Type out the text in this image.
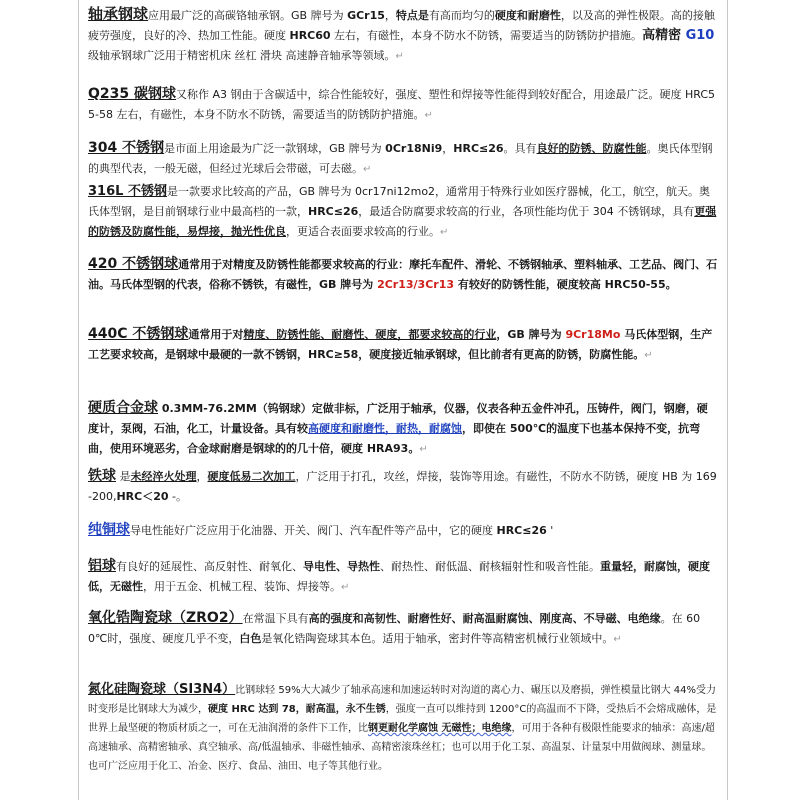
轴承钢球应用最广泛的高碳铬轴承钢。GB 牌号为 GCr15，特点是有高而均匀的硬度和耐磨性，以及高的弹性极限。高的接触疲劳强度，良好的冷、热加工性能。硬度 HRC60 左右，有磁性，本身不防水不防锈，需要适当的防锈防护措施。高精密 G10 级轴承钢球广泛用于精密机床 丝杠 滑块 高速静音轴承等领域。↵
Q235 碳钢球又称作 A3 钢由于含碳适中，综合性能较好，强度、塑性和焊接等性能得到较好配合，用途最广泛。硬度 HRC55-58 左右，有磁性，本身不防水不防锈，需要适当的防锈防护措施。↵
304 不锈钢是市面上用途最为广泛一款钢球，GB 牌号为 0Cr18Ni9，HRC≤26。具有良好的防锈、防腐性能。奥氏体型钢的典型代表，一般无磁，但经过光球后会带磁，可去磁。↵
316L 不锈钢是一款要求比较高的产品，GB 牌号为 0cr17ni12mo2，通常用于特殊行业如医疗器械，化工，航空，航天。奥氏体型钢，是目前钢球行业中最高档的一款，HRC≤26，最适合防腐要求较高的行业，各项性能均优于 304 不锈钢球，具有更强的防锈及防腐性能，易焊接，抛光性优良，更适合表面要求较高的行业。↵
420 不锈钢球通常用于对精度及防锈性能都要求较高的行业：摩托车配件、滑轮、不锈钢轴承、塑料轴承、工艺品、阀门、石油。马氏体型钢的代表，俗称不锈铁，有磁性，GB 牌号为 2Cr13/3Cr13 有较好的防锈性能，硬度较高 HRC50-55。
440C 不锈钢球通常用于对精度、防锈性能、耐磨性、硬度，都要求较高的行业，GB 牌号为 9Cr18Mo 马氏体型钢，生产工艺要求较高，是钢球中最硬的一款不锈钢，HRC≥58，硬度接近轴承钢球，但比前者有更高的防锈，防腐性能。↵
硬质合金球 0.3MM-76.2MM（钨钢球）定做非标，广泛用于轴承，仪器，仪表各种五金件冲孔，压铸件，阀门，钢磨，硬度计，泵阀，石油，化工，计量设备。具有较高硬度和耐磨性，耐热，耐腐蚀，即使在 500℃的温度下也基本保持不变，抗弯曲，使用环境恶劣，合金球耐磨是钢球的的几十倍，硬度 HRA93。↵
铁球 是未经淬火处理，硬度低易二次加工，广泛用于打孔，攻丝，焊接，装饰等用途。有磁性，不防水不防锈，硬度 HB 为 169-200,HRC＜20 -。
纯铜球导电性能好广泛应用于化油器、开关、阀门、汽车配件等产品中，它的硬度 HRC≤26 '
铝球有良好的延展性、高反射性、耐氧化、导电性、导热性、耐热性、耐低温、耐核辐射性和吸音性能。重量轻，耐腐蚀，硬度低，无磁性，用于五金、机械工程、装饰、焊接等。↵
氧化锆陶瓷球（ZRO2）在常温下具有高的强度和高韧性、耐磨性好、耐高温耐腐蚀、刚度高、不导磁、电绝缘。在 600℃时，强度、硬度几乎不变，白色是氧化锆陶瓷球其本色。适用于轴承，密封件等高精密机械行业领域中。↵
氮化硅陶瓷球（SI3N4）比钢球轻 59%大大减少了轴承高速和加速运转时对沟道的离心力、碾压以及磨损，弹性模量比钢大 44%受力时变形是比钢球大为减少，硬度 HRC 达到 78，耐高温，永不生锈，强度一直可以维持到 1200°C的高温而不下降，受热后不会熔成融体，是世界上最坚硬的物质材质之一，可在无油润滑的条件下工作，比钢更耐化学腐蚀 无磁性；电绝缘，可用于各种有极限性能要求的轴承：高速/超高速轴承、高精密轴承、真空轴承、高/低温轴承、非磁性轴承、高精密滚珠丝杠；也可以用于化工泵、高温泵、计量泵中用做阀球、测量球。也可广泛应用于化工、冶金、医疗、食品、油田、电子等其他行业。
